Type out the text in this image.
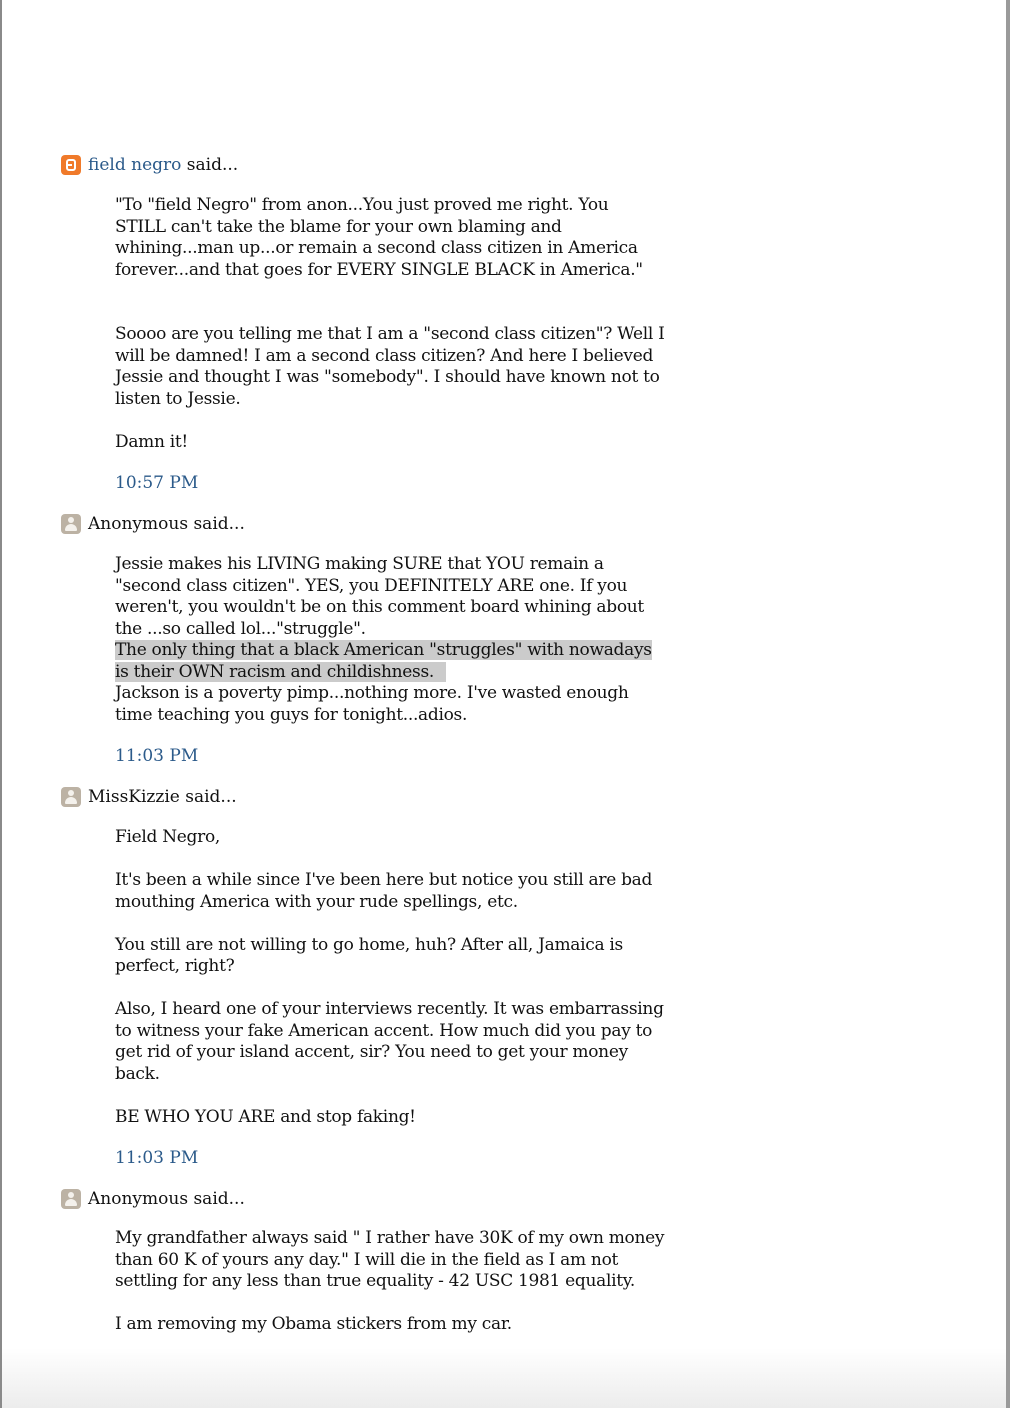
field negro
said...

"To "field Negro" from anon...You just proved me right. You STILL can't take the blame for your own blaming and whining...man up...or remain a second class citizen in America forever...and that goes for EVERY SINGLE BLACK in America."

Soooo are you telling me that I am a "second class citizen"? Well I will be damned! I am a second class citizen? And here I believed Jessie and thought I was "somebody". I should have known not to listen to Jessie.

Damn it!

10:57 PM
Anonymous
said...

Jessie makes his LIVING making SURE that YOU remain a "second class citizen". YES, you DEFINITELY ARE one. If you weren't, you wouldn't be on this comment board whining about the ...so called lol..."struggle".

The only thing that a black American "struggles" with nowadays is their OWN racism and childishness.

Jackson is a poverty pimp...nothing more. I've wasted enough time teaching you guys for tonight...adios.

11:03 PM
MissKizzie
said...

Field Negro,

It's been a while since I've been here but notice you still are bad mouthing America with your rude spellings, etc.

You still are not willing to go home, huh? After all, Jamaica is perfect, right?

Also, I heard one of your interviews recently. It was embarrassing to witness your fake American accent. How much did you pay to get rid of your island accent, sir? You need to get your money back.

BE WHO YOU ARE and stop faking!

11:03 PM
Anonymous
said...

My grandfather always said " I rather have 30K of my own money than 60 K of yours any day." I will die in the field as I am not settling for any less than true equality - 42 USC 1981 equality.

I am removing my Obama stickers from my car.
